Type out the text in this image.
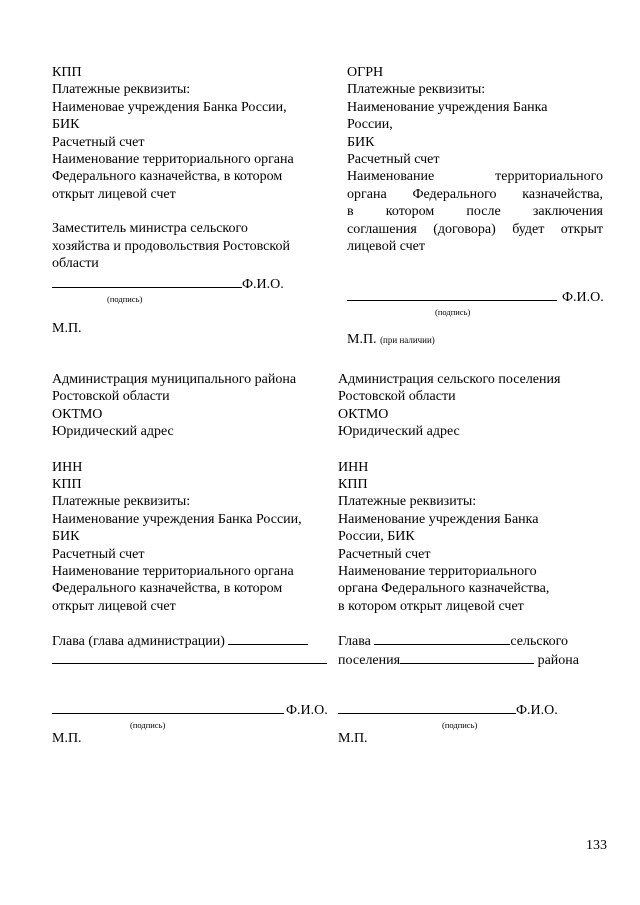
КПП
Платежные реквизиты:
Наименовае учреждения Банка России,
БИК
Расчетный счет
Наименование территориального органа
Федерального казначейства, в котором
открыт лицевой счет
Заместитель министра сельского
хозяйства и продовольствия Ростовской
области
Ф.И.О.
(подпись)
М.П.
ОГРН
Платежные реквизиты:
Наименование учреждения Банка
России,
БИК
Расчетный счет
Наименование территориального
органа Федерального казначейства,
в котором после заключения
соглашения (договора) будет открыт
лицевой счет
Ф.И.О.
(подпись)
М.П. (при наличии)
Администрация муниципального района
Ростовской области
ОКТМО
Юридический адрес
ИНН
КПП
Платежные реквизиты:
Наименование учреждения Банка России,
БИК
Расчетный счет
Наименование территориального органа
Федерального казначейства, в котором
открыт лицевой счет
Глава (глава администрации)
Ф.И.О.
(подпись)
М.П.
Администрация сельского поселения
Ростовской области
ОКТМО
Юридический адрес
ИНН
КПП
Платежные реквизиты:
Наименование учреждения Банка
России, БИК
Расчетный счет
Наименование территориального
органа Федерального казначейства,
в котором открыт лицевой счет
Глава	сельского
поселения	района
Ф.И.О.
(подпись)
М.П.
133
